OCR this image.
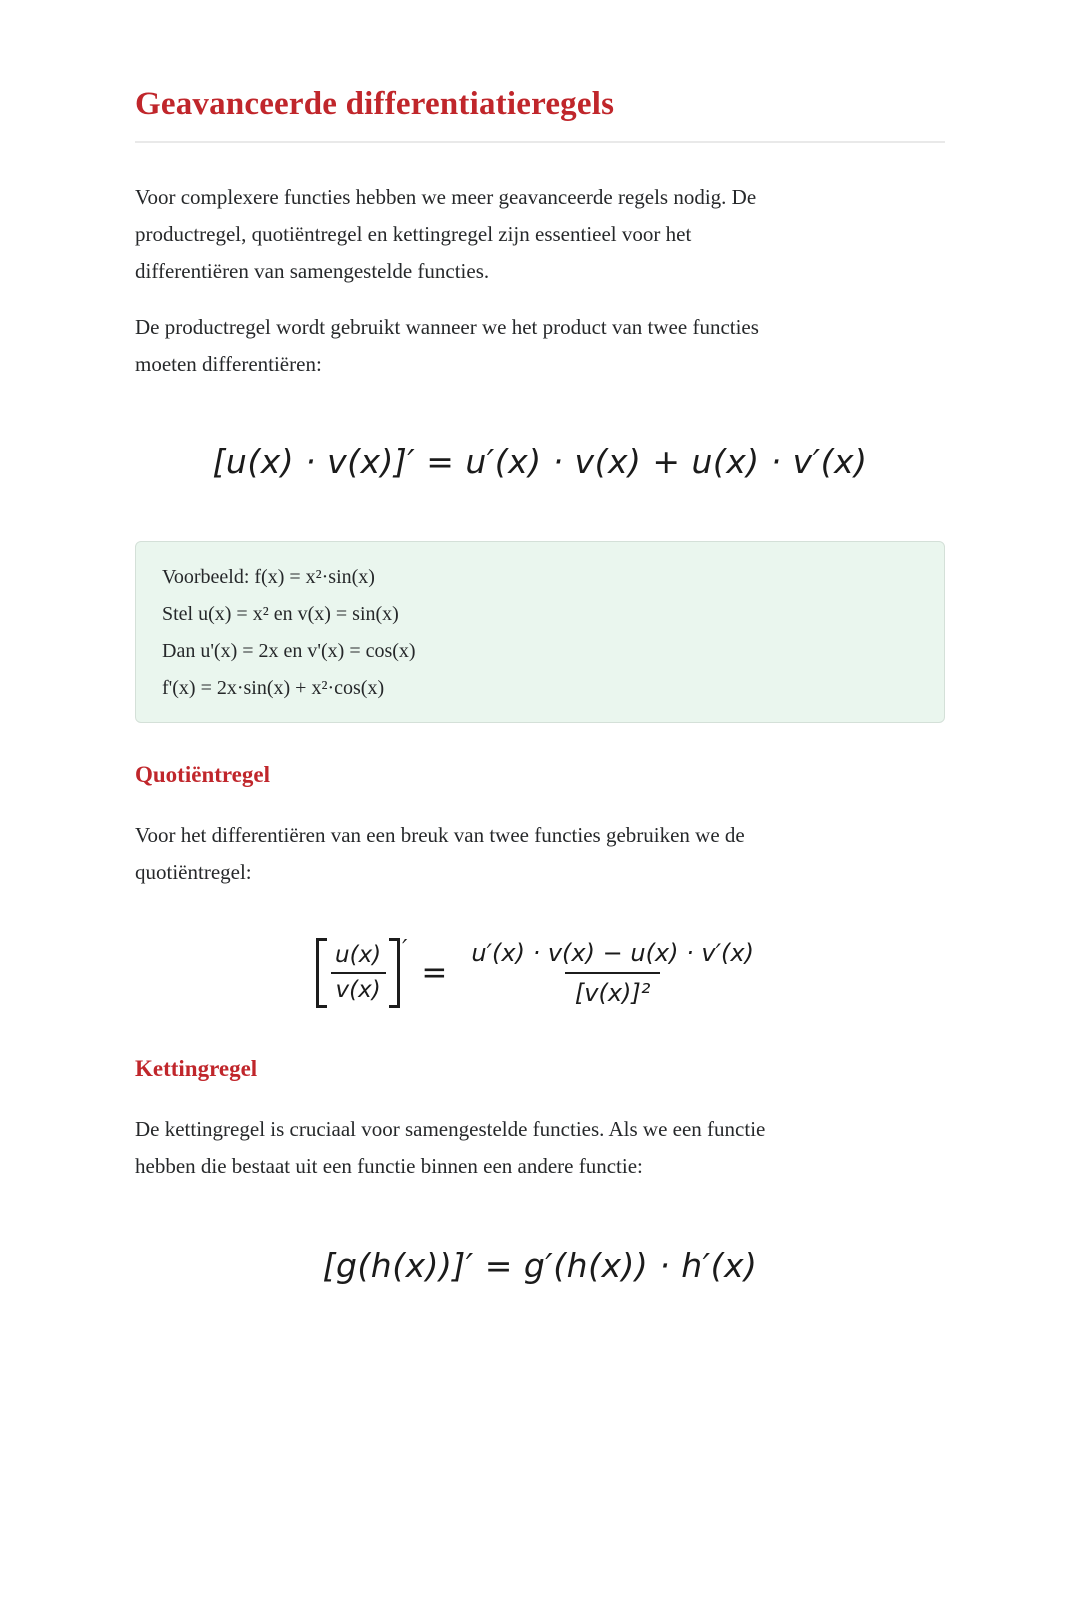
Geavanceerde differentiatieregels
Voor complexere functies hebben we meer geavanceerde regels nodig. De
productregel, quotiëntregel en kettingregel zijn essentieel voor het
differentiëren van samengestelde functies.
De productregel wordt gebruikt wanneer we het product van twee functies
moeten differentiëren:
[u(x) · v(x)]′ = u′(x) · v(x) + u(x) · v′(x)
Voorbeeld: f(x) = x²·sin(x)
Stel u(x) = x² en v(x) = sin(x)
Dan u'(x) = 2x en v'(x) = cos(x)
f'(x) = 2x·sin(x) + x²·cos(x)
Quotiëntregel
Voor het differentiëren van een breuk van twee functies gebruiken we de
quotiëntregel:
$\frac{u(x)}{v(x)}$ ′
= $\frac{u'(x) \cdot v(x) - u(x) \cdot v'(x)}{\text{[v(x)]²}}$
Kettingregel
De kettingregel is cruciaal voor samengestelde functies. Als we een functie
hebben die bestaat uit een functie binnen een andere functie:
[g(h(x))]′ = g′(h(x)) · h′(x)
